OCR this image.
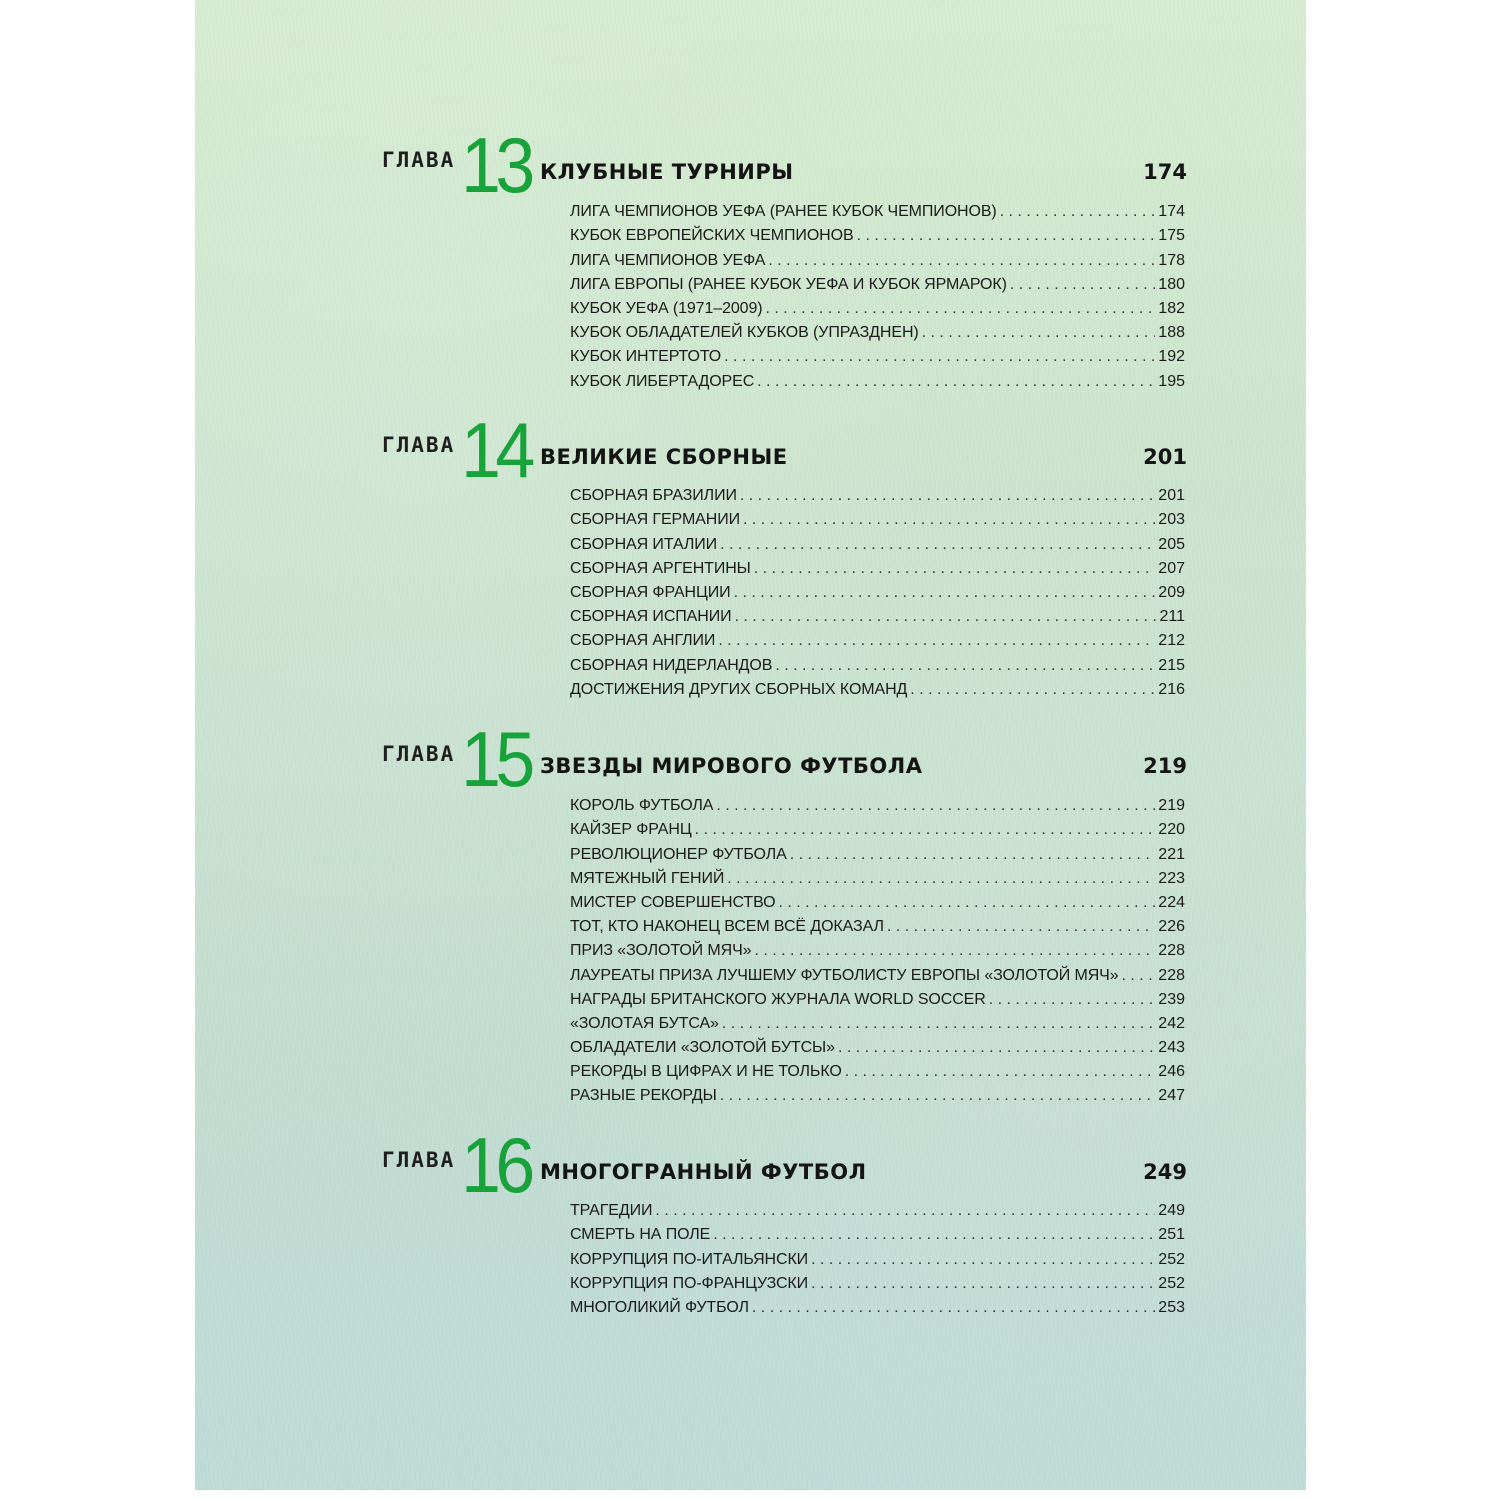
ГЛАВА 13 КЛУБНЫЕ ТУРНИРЫ	174
ЛИГА ЧЕМПИОНОВ УЕФА (РАНЕЕ КУБОК ЧЕМПИОНОВ) . . .	174
КУБОК ЕВРОПЕЙСКИХ ЧЕМПИОНОВ . . .	175
ЛИГА ЧЕМПИОНОВ УЕФА . . .	178
ЛИГА ЕВРОПЫ (РАНЕЕ КУБОК УЕФА И КУБОК ЯРМАРОК) . . .	180
КУБОК УЕФА (1971–2009) . . .	182
КУБОК ОБЛАДАТЕЛЕЙ КУБКОВ (УПРАЗДНЕН) . . .	188
КУБОК ИНТЕРТОТО . . .	192
КУБОК ЛИБЕРТАДОРЕС . . .	195
ГЛАВА 14 ВЕЛИКИЕ СБОРНЫЕ	201
СБОРНАЯ БРАЗИЛИИ . . .	201
СБОРНАЯ ГЕРМАНИИ . . .	203
СБОРНАЯ ИТАЛИИ . . .	205
СБОРНАЯ АРГЕНТИНЫ . . .	207
СБОРНАЯ ФРАНЦИИ . . .	209
СБОРНАЯ ИСПАНИИ . . .	211
СБОРНАЯ АНГЛИИ . . .	212
СБОРНАЯ НИДЕРЛАНДОВ . . .	215
ДОСТИЖЕНИЯ ДРУГИХ СБОРНЫХ КОМАНД . . .	216
ГЛАВА 15 ЗВЕЗДЫ МИРОВОГО ФУТБОЛА	219
КОРОЛЬ ФУТБОЛА . . .	219
КАЙЗЕР ФРАНЦ . . .	220
РЕВОЛЮЦИОНЕР ФУТБОЛА . . .	221
МЯТЕЖНЫЙ ГЕНИЙ . . .	223
МИСТЕР СОВЕРШЕНСТВО . . .	224
ТОТ, КТО НАКОНЕЦ ВСЕМ ВСЁ ДОКАЗАЛ . . .	226
ПРИЗ «ЗОЛОТОЙ МЯЧ» . . .	228
ЛАУРЕАТЫ ПРИЗА ЛУЧШЕМУ ФУТБОЛИСТУ ЕВРОПЫ «ЗОЛОТОЙ МЯЧ» . . . 228
НАГРАДЫ БРИТАНСКОГО ЖУРНАЛА WORLD SOCCER . . .	239
«ЗОЛОТАЯ БУТСА» . . .	242
ОБЛАДАТЕЛИ «ЗОЛОТОЙ БУТСЫ» . . .	243
РЕКОРДЫ В ЦИФРАХ И НЕ ТОЛЬКО . . .	246
РАЗНЫЕ РЕКОРДЫ . . .	247
ГЛАВА 16 МНОГОГРАННЫЙ ФУТБОЛ	249
ТРАГЕДИИ . . .	249
СМЕРТЬ НА ПОЛЕ . . .	251
КОРРУПЦИЯ ПО-ИТАЛЬЯНСКИ . . .	252
КОРРУПЦИЯ ПО-ФРАНЦУЗСКИ . . .	252
МНОГОЛИКИЙ ФУТБОЛ . . .	253
